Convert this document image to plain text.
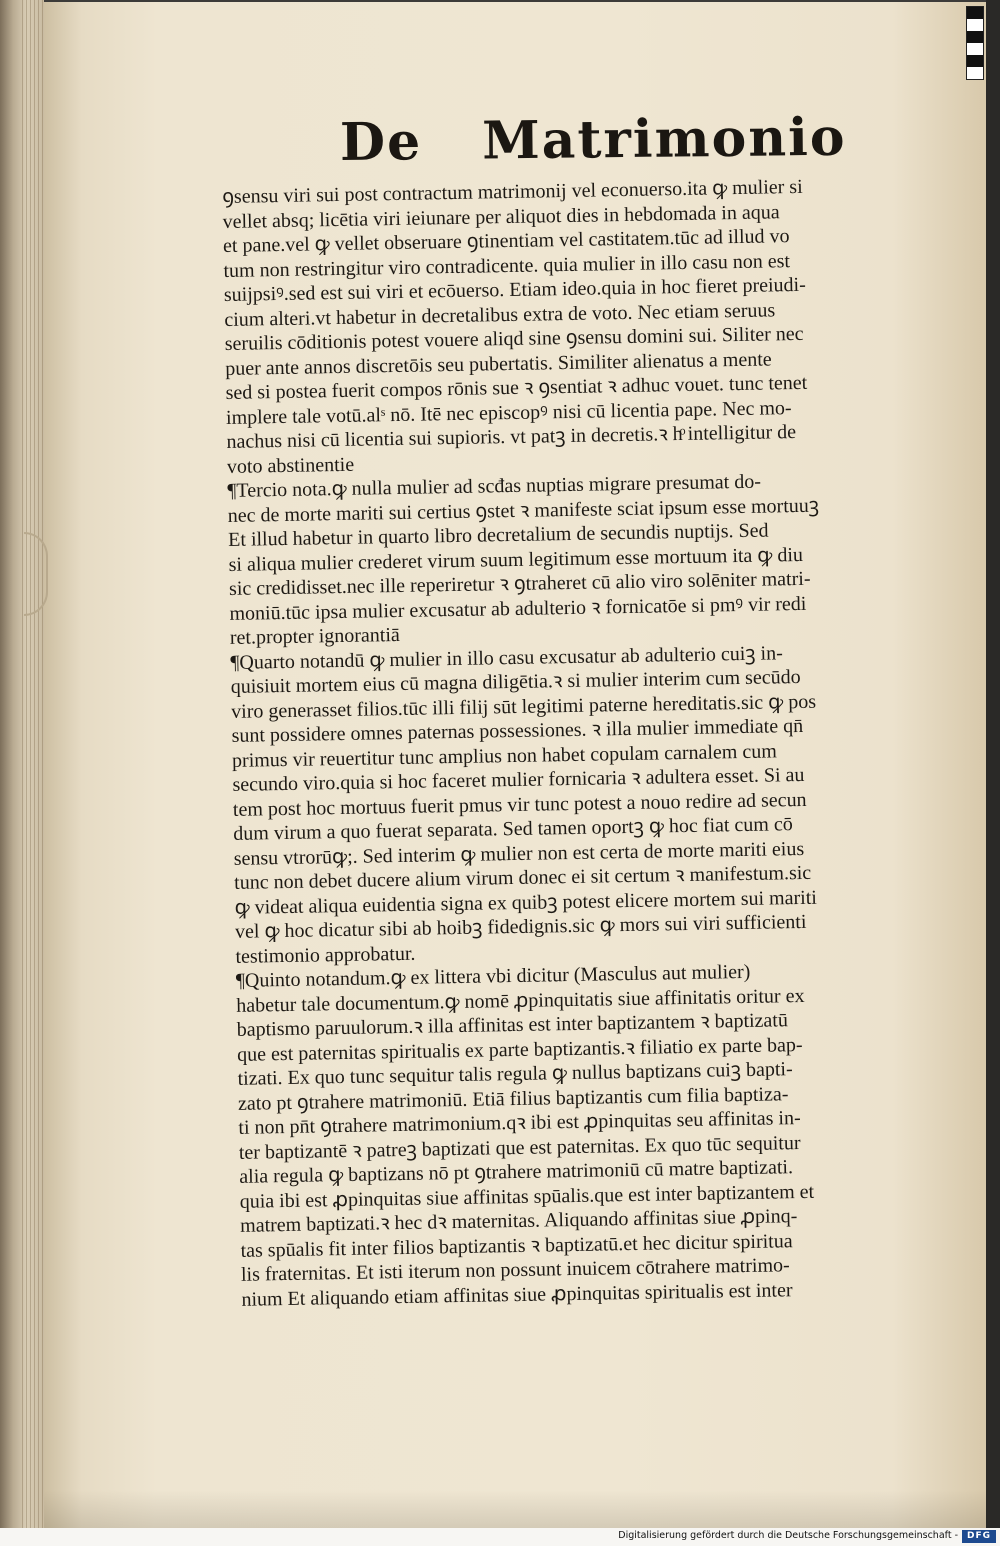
De Matrimonio
ꝯsensu viri sui post contractum matrimonij vel econuerso.ita ꝙ mulier si
vellet absq; licētia viri ieiunare per aliquot dies in hebdomada in aqua
et pane.vel ꝙ vellet obseruare ꝯtinentiam vel castitatem.tūc ad illud vo
tum non restringitur viro contradicente. quia mulier in illo casu non est
suijpsiꝰ.sed est sui viri et ecōuerso. Etiam ideo.quia in hoc fieret preiudi-
cium alteri.vt habetur in decretalibus extra de voto. Nec etiam seruus
seruilis cōditionis potest vouere aliqd sine ꝯsensu domini sui. Siliter nec
puer ante annos discretōis seu pubertatis. Similiter alienatus a mente
sed si postea fuerit compos rōnis sue ꝛ ꝯsentiat ꝛ adhuc vouet. tunc tenet
implere tale votū.alˢ nō. Itē nec episcopꝰ nisi cū licentia pape. Nec mo-
nachus nisi cū licentia sui supioris. vt patꝫ in decretis.ꝛ hͦ intelligitur de
voto abstinentie
¶Tercio nota.ꝙ nulla mulier ad scđas nuptias migrare presumat do-
nec de morte mariti sui certius ꝯstet ꝛ manifeste sciat ipsum esse mortuuꝫ
Et illud habetur in quarto libro decretalium de secundis nuptijs. Sed
si aliqua mulier crederet virum suum legitimum esse mortuum ita ꝙ diu
sic credidisset.nec ille reperiretur ꝛ ꝯtraheret cū alio viro solēniter matri-
moniū.tūc ipsa mulier excusatur ab adulterio ꝛ fornicatōe si pmꝰ vir redi
ret.propter ignorantiā
¶Quarto notandū ꝙ mulier in illo casu excusatur ab adulterio cuiꝫ in-
quisiuit mortem eius cū magna diligētia.ꝛ si mulier interim cum secūdo
viro generasset filios.tūc illi filij sūt legitimi paterne hereditatis.sic ꝙ pos
sunt possidere omnes paternas possessiones. ꝛ illa mulier immediate qn̄
primus vir reuertitur tunc amplius non habet copulam carnalem cum
secundo viro.quia si hoc faceret mulier fornicaria ꝛ adultera esset. Si au
tem post hoc mortuus fuerit pmus vir tunc potest a nouo redire ad secun
dum virum a quo fuerat separata. Sed tamen oportꝫ ꝙ hoc fiat cum cō
sensu vtrorūꝙ;. Sed interim ꝙ mulier non est certa de morte mariti eius
tunc non debet ducere alium virum donec ei sit certum ꝛ manifestum.sic
ꝙ videat aliqua euidentia signa ex quibꝫ potest elicere mortem sui mariti
vel ꝙ hoc dicatur sibi ab hoibꝫ fidedignis.sic ꝙ mors sui viri sufficienti
testimonio approbatur.
¶Quinto notandum.ꝙ ex littera vbi dicitur (Masculus aut mulier)
habetur tale documentum.ꝙ nomē ꝓpinquitatis siue affinitatis oritur ex
baptismo paruulorum.ꝛ illa affinitas est inter baptizantem ꝛ baptizatū
que est paternitas spiritualis ex parte baptizantis.ꝛ filiatio ex parte bap-
tizati. Ex quo tunc sequitur talis regula ꝙ nullus baptizans cuiꝫ bapti-
zato pt ꝯtrahere matrimoniū. Etiā filius baptizantis cum filia baptiza-
ti non pn̄t ꝯtrahere matrimonium.qꝛ ibi est ꝓpinquitas seu affinitas in-
ter baptizantē ꝛ patreꝫ baptizati que est paternitas. Ex quo tūc sequitur
alia regula ꝙ baptizans nō pt ꝯtrahere matrimoniū cū matre baptizati.
quia ibi est ꝓpinquitas siue affinitas spūalis.que est inter baptizantem et
matrem baptizati.ꝛ hec dꝛ maternitas. Aliquando affinitas siue ꝓpinq-
tas spūalis fit inter filios baptizantis ꝛ baptizatū.et hec dicitur spiritua
lis fraternitas. Et isti iterum non possunt inuicem cōtrahere matrimo-
nium Et aliquando etiam affinitas siue ꝓpinquitas spiritualis est inter
Digitalisierung gefördert durch die Deutsche Forschungsgemeinschaft - DFG
